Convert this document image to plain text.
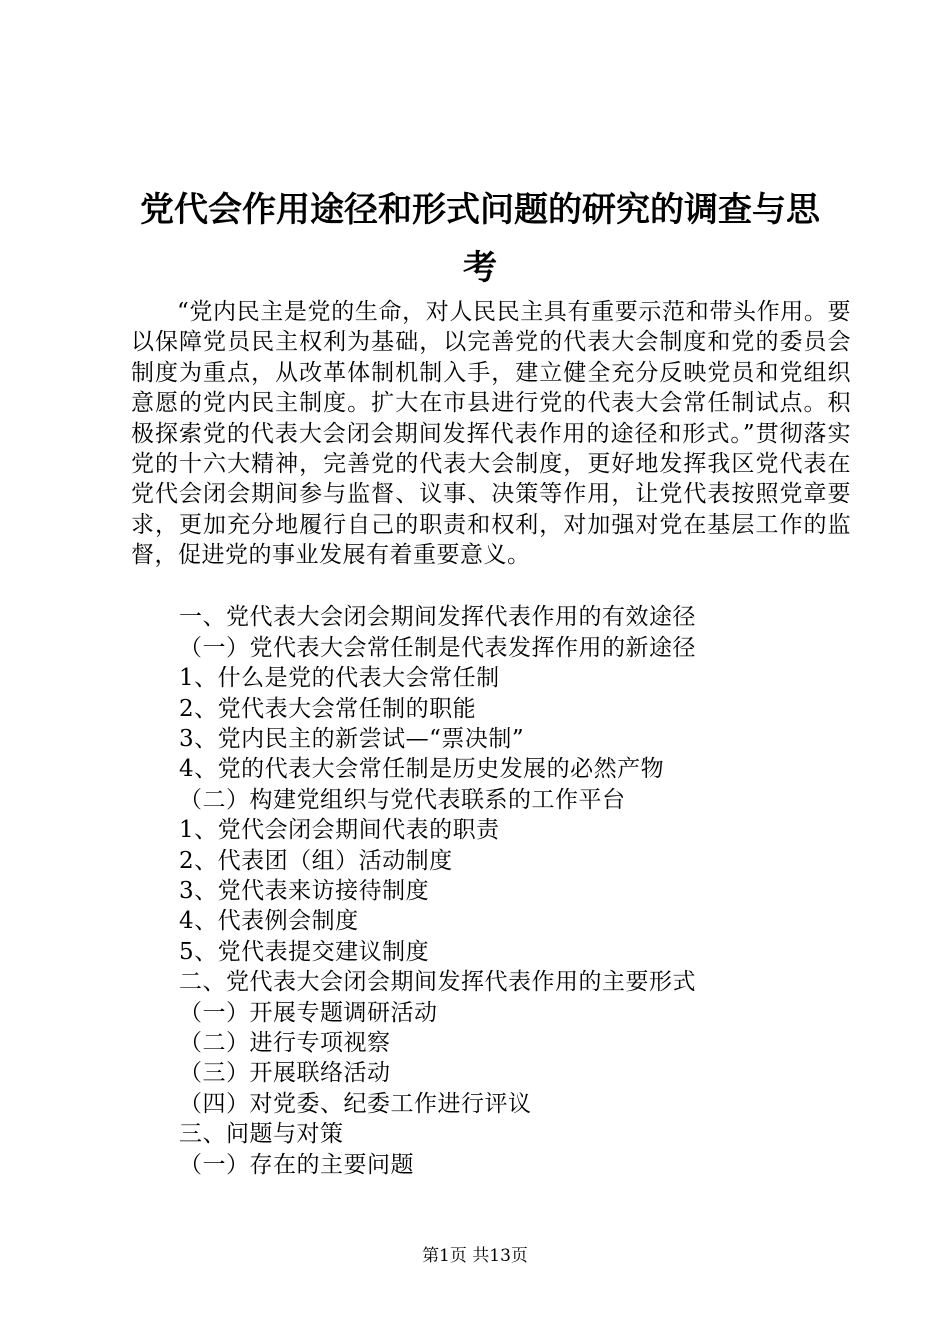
党代会作用途径和形式问题的研究的调查与思
考

“党内民主是党的生命，对人民民主具有重要示范和带头作用。要以保障党员民主权利为基础，以完善党的代表大会制度和党的委员会制度为重点，从改革体制机制入手，建立健全充分反映党员和党组织意愿的党内民主制度。扩大在市县进行党的代表大会常任制试点。积极探索党的代表大会闭会期间发挥代表作用的途径和形式。”贯彻落实党的十六大精神，完善党的代表大会制度，更好地发挥我区党代表在党代会闭会期间参与监督、议事、决策等作用，让党代表按照党章要求，更加充分地履行自己的职责和权利，对加强对党在基层工作的监督，促进党的事业发展有着重要意义。

一、党代表大会闭会期间发挥代表作用的有效途径

（一）党代表大会常任制是代表发挥作用的新途径

1、什么是党的代表大会常任制

2、党代表大会常任制的职能

3、党内民主的新尝试—“票决制”

4、党的代表大会常任制是历史发展的必然产物

（二）构建党组织与党代表联系的工作平台

1、党代会闭会期间代表的职责

2、代表团（组）活动制度

3、党代表来访接待制度

4、代表例会制度

5、党代表提交建议制度

二、党代表大会闭会期间发挥代表作用的主要形式

（一）开展专题调研活动

（二）进行专项视察

（三）开展联络活动

（四）对党委、纪委工作进行评议

三、问题与对策

（一）存在的主要问题

第1页 共13页
